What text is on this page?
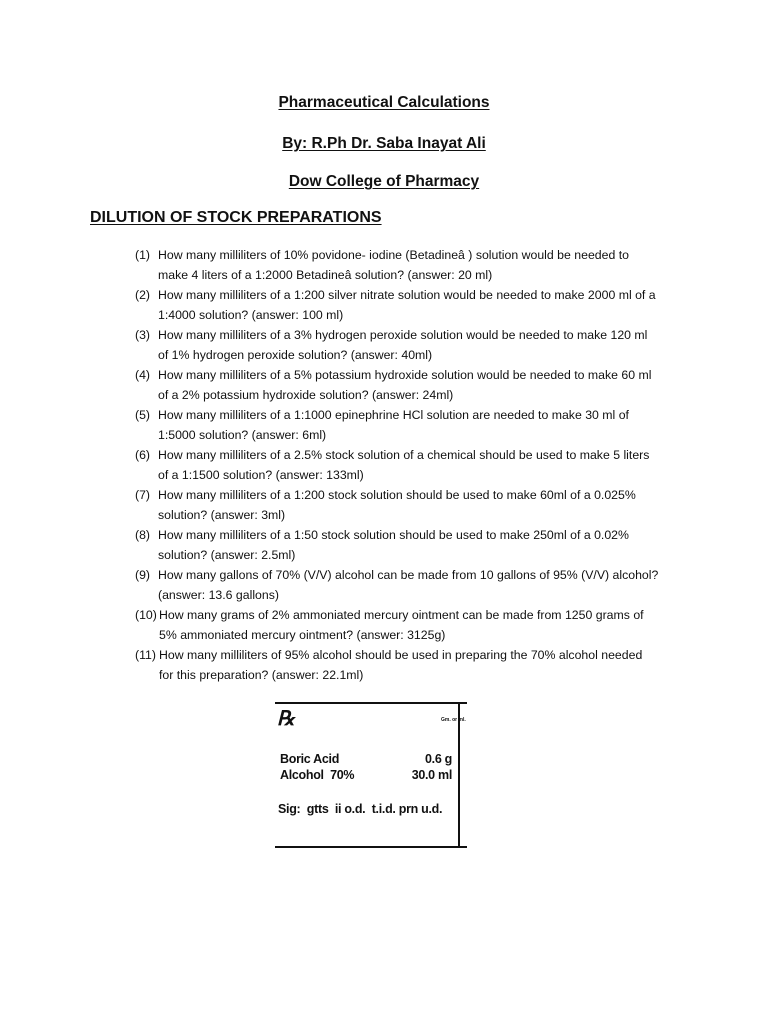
Pharmaceutical Calculations
By: R.Ph Dr. Saba Inayat Ali
Dow College of Pharmacy
DILUTION OF STOCK PREPARATIONS
(1) How many milliliters of 10% povidone- iodine (Betadineâ ) solution would be needed to
make 4 liters of a 1:2000 Betadineâ solution? (answer: 20 ml)
(2) How many milliliters of a 1:200 silver nitrate solution would be needed to make 2000 ml of a
1:4000 solution? (answer: 100 ml)
(3) How many milliliters of a 3% hydrogen peroxide solution would be needed to make 120 ml
of 1% hydrogen peroxide solution? (answer: 40ml)
(4) How many milliliters of a 5% potassium hydroxide solution would be needed to make 60 ml
of a 2% potassium hydroxide solution? (answer: 24ml)
(5) How many milliliters of a 1:1000 epinephrine HCl solution are needed to make 30 ml of
1:5000 solution? (answer: 6ml)
(6) How many milliliters of a 2.5% stock solution of a chemical should be used to make 5 liters
of a 1:1500 solution? (answer: 133ml)
(7) How many milliliters of a 1:200 stock solution should be used to make 60ml of a 0.025%
solution? (answer: 3ml)
(8) How many milliliters of a 1:50 stock solution should be used to make 250ml of a 0.02%
solution? (answer: 2.5ml)
(9) How many gallons of 70% (V/V) alcohol can be made from 10 gallons of 95% (V/V) alcohol?
(answer: 13.6 gallons)
(10) How many grams of 2% ammoniated mercury ointment can be made from 1250 grams of
5% ammoniated mercury ointment? (answer: 3125g)
(11) How many milliliters of 95% alcohol should be used in preparing the 70% alcohol needed
for this preparation? (answer: 22.1ml)
℞	Gm. or ml.
Boric Acid	0.6 g
Alcohol  70%	30.0 ml
Sig:  gtts  ii o.d.  t.i.d. prn u.d.
